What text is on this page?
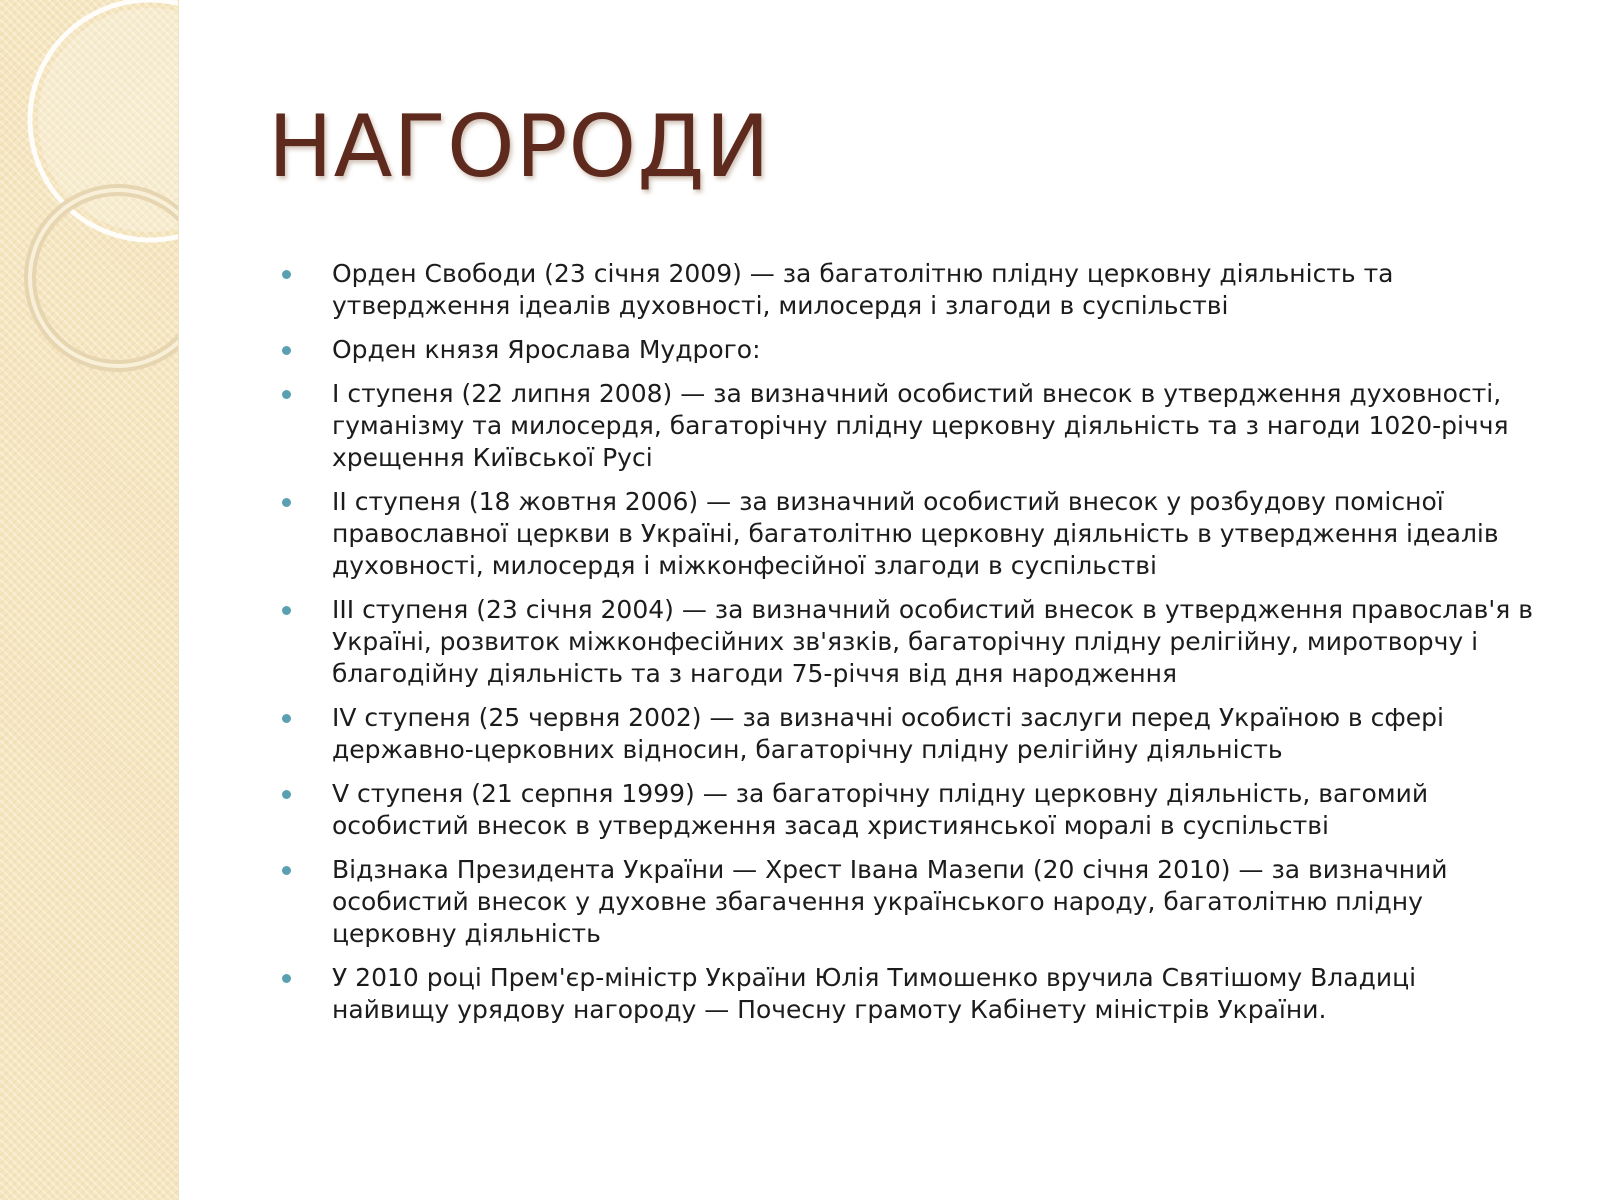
НАГОРОДИ
Орден Свободи (23 січня 2009) — за багатолітню плідну церковну діяльність та утвердження ідеалів духовності, милосердя і злагоди в суспільстві
Орден князя Ярослава Мудрого:
I ступеня (22 липня 2008) — за визначний особистий внесок в утвердження духовності, гуманізму та милосердя, багаторічну плідну церковну діяльність та з нагоди 1020-річчя хрещення Київської Русі
II ступеня (18 жовтня 2006) — за визначний особистий внесок у розбудову помісної православної церкви в Україні, багатолітню церковну діяльність в утвердження ідеалів духовності, милосердя і міжконфесійної злагоди в суспільстві
III ступеня (23 січня 2004) — за визначний особистий внесок в утвердження православ'я в Україні, розвиток міжконфесійних зв'язків, багаторічну плідну релігійну, миротворчу і благодійну діяльність та з нагоди 75-річчя від дня народження
IV ступеня (25 червня 2002) — за визначні особисті заслуги перед Україною в сфері державно-церковних відносин, багаторічну плідну релігійну діяльність
V ступеня (21 серпня 1999) — за багаторічну плідну церковну діяльність, вагомий особистий внесок в утвердження засад християнської моралі в суспільстві
Відзнака Президента України — Хрест Івана Мазепи (20 січня 2010) — за визначний особистий внесок у духовне збагачення українського народу, багатолітню плідну церковну діяльність
У 2010 році Прем'єр-міністр України Юлія Тимошенко вручила Святішому Владиці найвищу урядову нагороду — Почесну грамоту Кабінету міністрів України.
